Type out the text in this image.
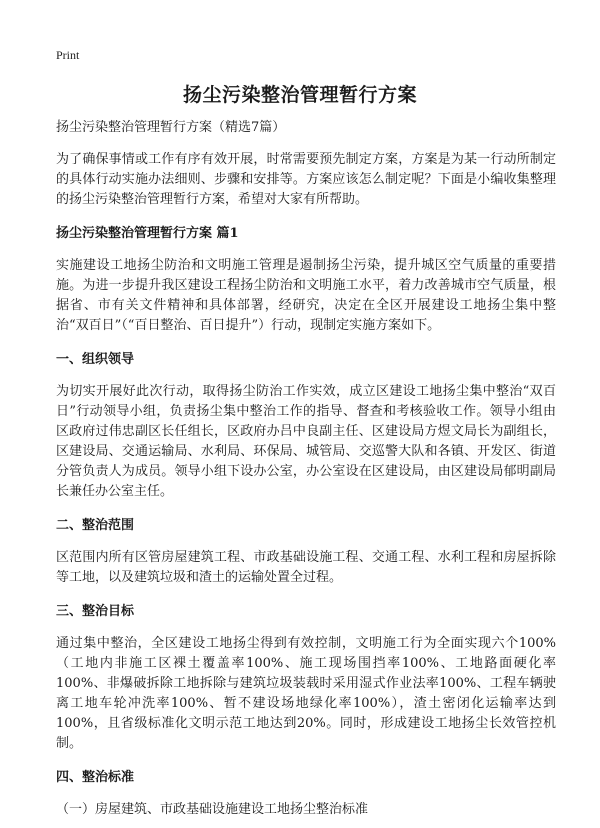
Print
扬尘污染整治管理暂行方案

扬尘污染整治管理暂行方案（精选7篇）

为了确保事情或工作有序有效开展，时常需要预先制定方案，方案是为某一行动所制定的具体行动实施办法细则、步骤和安排等。方案应该怎么制定呢？下面是小编收集整理的扬尘污染整治管理暂行方案，希望对大家有所帮助。

扬尘污染整治管理暂行方案 篇1

实施建设工地扬尘防治和文明施工管理是遏制扬尘污染，提升城区空气质量的重要措施。为进一步提升我区建设工程扬尘防治和文明施工水平，着力改善城市空气质量，根据省、市有关文件精神和具体部署，经研究，决定在全区开展建设工地扬尘集中整治“双百日”（“百日整治、百日提升”）行动，现制定实施方案如下。

一、组织领导

为切实开展好此次行动，取得扬尘防治工作实效，成立区建设工地扬尘集中整治“双百日”行动领导小组，负责扬尘集中整治工作的指导、督查和考核验收工作。领导小组由区政府过伟忠副区长任组长，区政府办吕中良副主任、区建设局方煜文局长为副组长，区建设局、交通运输局、水利局、环保局、城管局、交巡警大队和各镇、开发区、街道分管负责人为成员。领导小组下设办公室，办公室设在区建设局，由区建设局郁明副局长兼任办公室主任。

二、整治范围

区范围内所有区管房屋建筑工程、市政基础设施工程、交通工程、水利工程和房屋拆除等工地，以及建筑垃圾和渣土的运输处置全过程。

三、整治目标

通过集中整治，全区建设工地扬尘得到有效控制，文明施工行为全面实现六个100%（工地内非施工区裸土覆盖率100%、施工现场围挡率100%、工地路面硬化率100%、非爆破拆除工地拆除与建筑垃圾装载时采用湿式作业法率100%、工程车辆驶离工地车轮冲洗率100%、暂不建设场地绿化率100%），渣土密闭化运输率达到100%，且省级标准化文明示范工地达到20%。同时，形成建设工地扬尘长效管控机制。

四、整治标准

（一）房屋建筑、市政基础设施建设工地扬尘整治标准
